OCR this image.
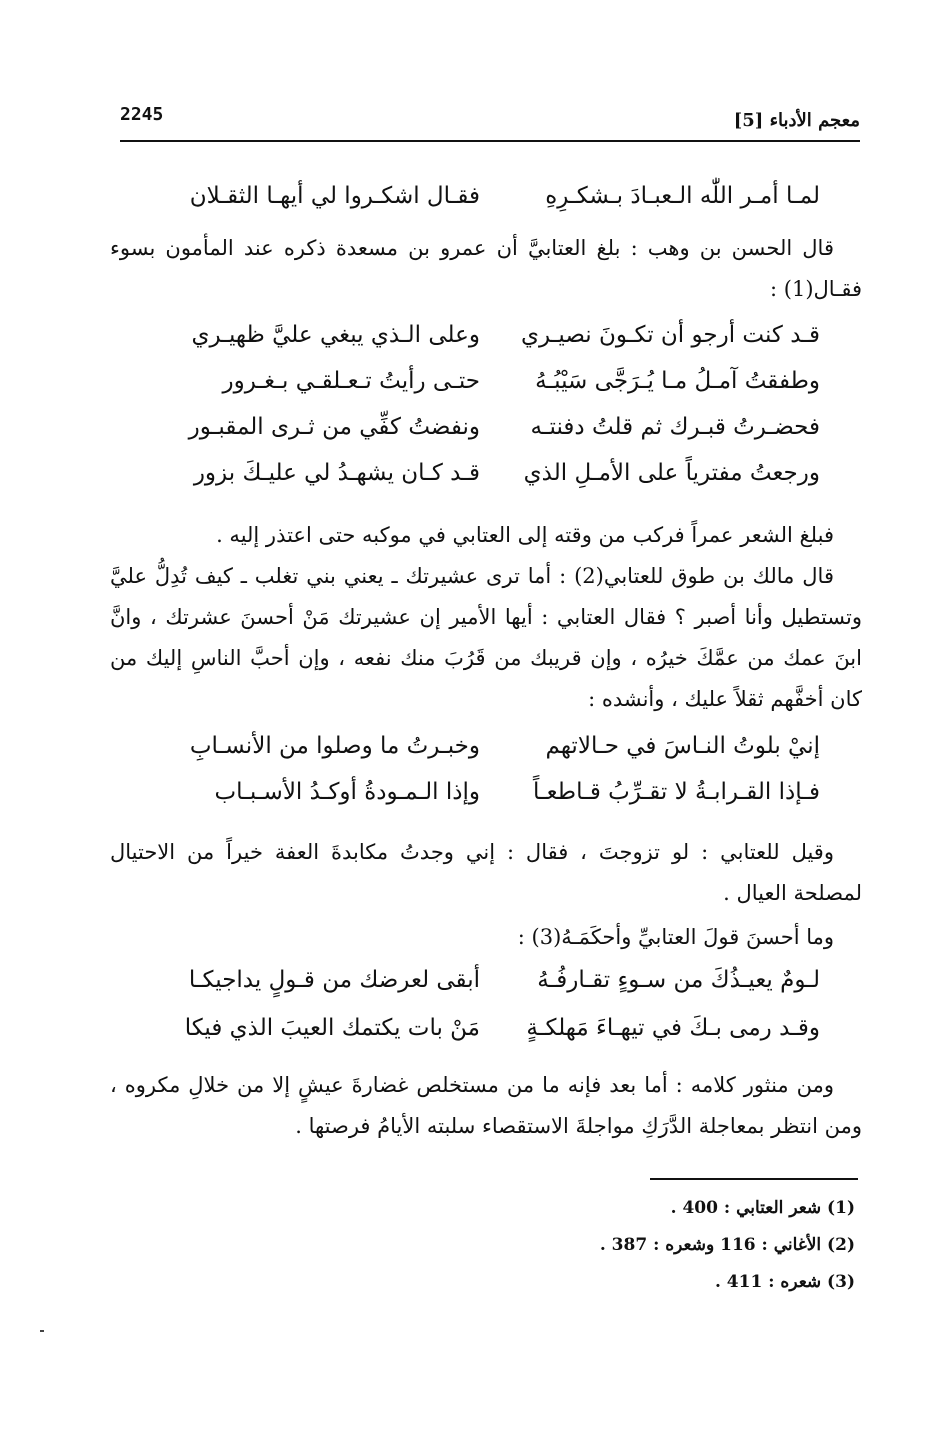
معجم الأدباء [5]
2245
لمـا أمـر اللّٰه الـعبـادَ بـشكـرِهِ
فقـال اشكـروا لي أيهـا الثقـلان

قال الحسن بن وهب : بلغ العتابيَّ أن عمرو بن مسعدة ذكره عند المأمون بسوء فقـال(1) :

قـد كنت أرجو أن تكـونَ نصيـري
وعلى الـذي يبغي عليَّ ظهيـري
وطفقتُ آمـلُ مـا يُـرَجَّى سَيْبُـهُ
حتـى رأيتُ تـعـلقـي بـغـرور
فحضـرتُ قبـرك ثم قلتُ دفنتـه
ونفضتُ كفِّي من ثـرى المقبـور
ورجعتُ مفترياً على الأمـلِ الذي
قـد كـان يشهـدُ لي عليـكَ بزور

فبلغ الشعر عمراً فركب من وقته إلى العتابي في موكبه حتى اعتذر إليه .

قال مالك بن طوق للعتابي(2) : أما ترى عشيرتك ـ يعني بني تغلب ـ كيف تُدِلُّ عليَّ وتستطيل وأنا أصبر ؟ فقال العتابي : أيها الأمير إن عشيرتك مَنْ أحسنَ عشرتك ، وانَّ ابنَ عمك من عمَّكَ خيرُه ، وإن قريبك من قَرُبَ منك نفعه ، وإن أحبَّ الناسِ إليك من كان أخفَّهم ثقلاً عليك ، وأنشده :

إنيْ بلوتُ النـاسَ في حـالاتهم
وخبـرتُ ما وصلوا من الأنسـابِ
فـإذا القـرابـةُ لا تقـرِّبُ قـاطعـاً
وإذا الـمـودةُ أوكـدُ الأسـبـاب

وقيل للعتابي : لو تزوجتَ ، فقال : إني وجدتُ مكابدةَ العفة خيراً من الاحتيال لمصلحة العيال .

وما أحسنَ قولَ العتابيِّ وأحكَمَـهُ(3) :

لـومٌ يعيـذُكَ من سـوءٍ تقـارفُـهُ
أبقى لعرضك من قـولٍ يداجيكـا
وقـد رمى بـكَ في تيهـاءَ مَهلكـةٍ
مَنْ بات يكتمك العيبَ الذي فيكا

ومن منثور كلامه : أما بعد فإنه ما من مستخلص غضارةَ عيشٍ إلا من خلالِ مكروه ، ومن انتظر بمعاجلة الدَّرَكِ مواجلةَ الاستقصاء سلبته الأيامُ فرصتها .

(1) شعر العتابي : 400 .
(2) الأغاني : 116 وشعره : 387 .
(3) شعره : 411 .
